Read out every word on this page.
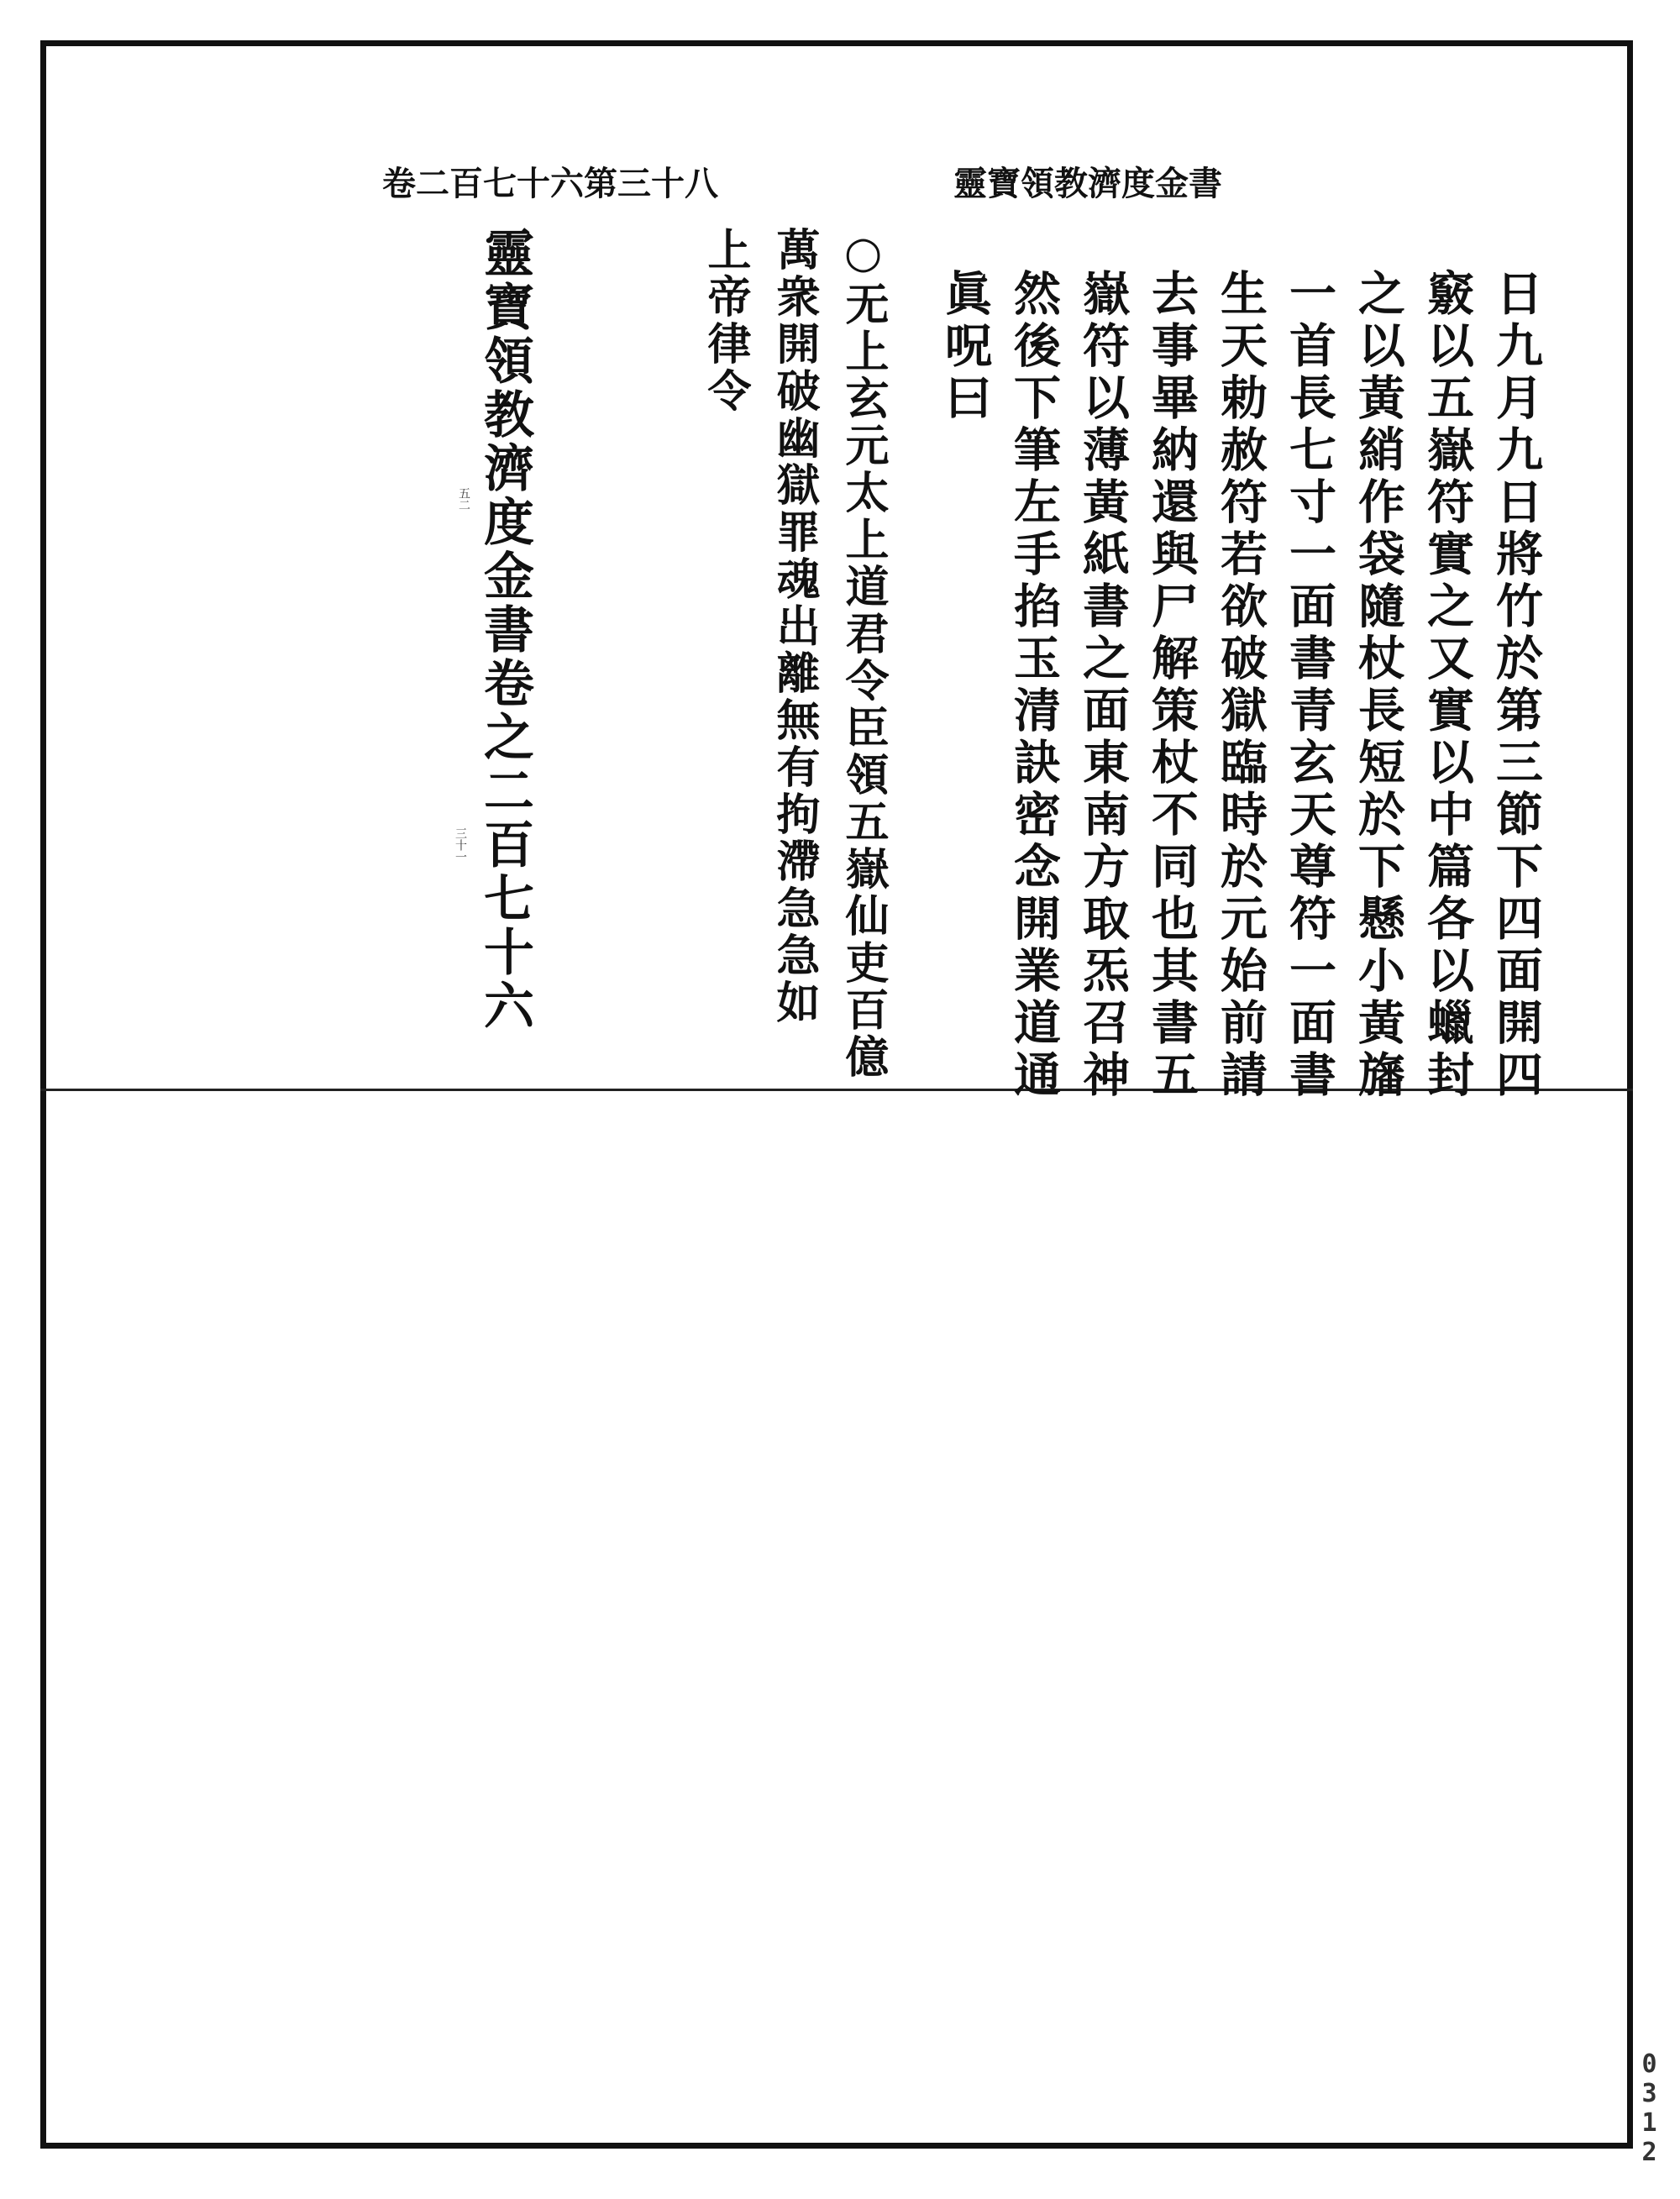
卷二百七十六第三十八	靈寶領教濟度金書
日九月九日將竹於第三節下四面開四
竅以五嶽符實之又實以中篇各以蠟封
之以黃綃作袋隨杖長短於下懸小黃旛
一首長七寸一面書青玄天尊符一面書
生天勅赦符若欲破獄臨時於元始前請
去事畢納還與尸解策杖不同也其書五
嶽符以薄黃紙書之面東南方取炁召神
然後下筆左手掐玉清訣密念開業道通
眞呪曰
○无上玄元太上道君令臣領五嶽仙吏百億
萬衆開破幽獄罪魂出離無有拘滯急急如
上帝律令
靈寶領教濟度金書卷之二百七十六
五二
三十一
0312
